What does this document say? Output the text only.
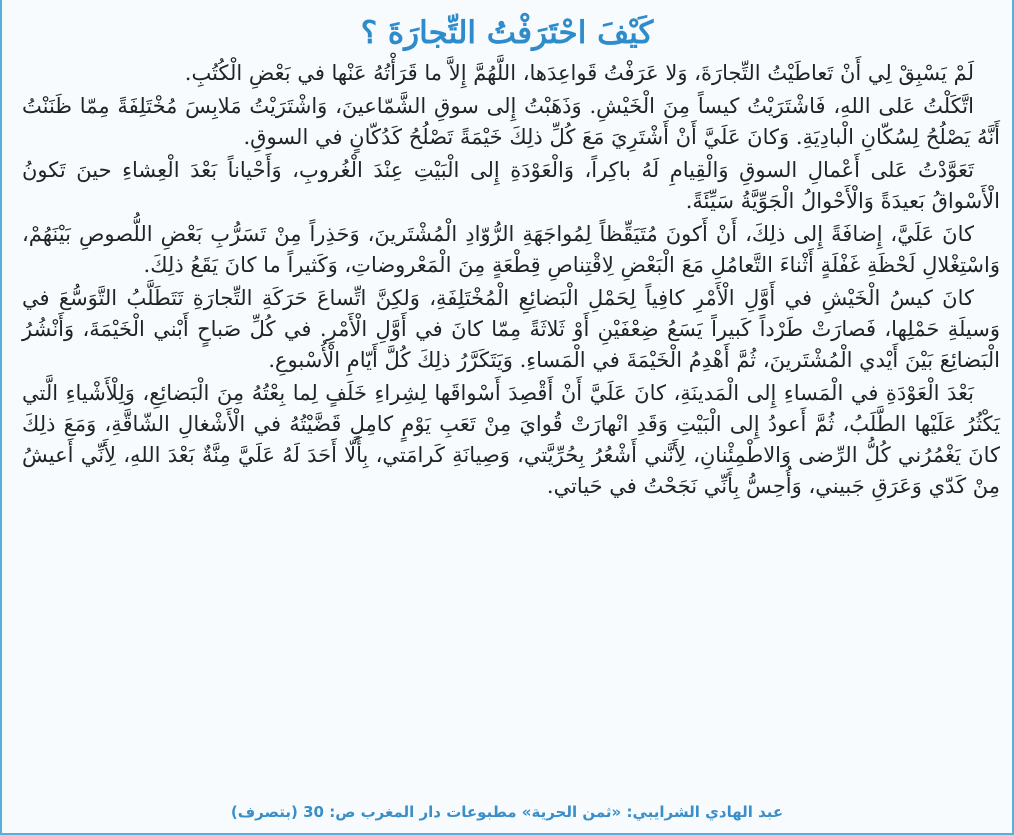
كَيْفَ احْتَرَفْتُ التِّجارَةَ ؟

لَمْ يَسْبِقْ لِي أَنْ تَعاطَيْتُ التِّجارَةَ، وَلا عَرَفْتُ قَواعِدَها، اللَّهُمَّ إِلاَّ ما قَرَأْتُهُ عَنْها في بَعْضِ الْكُتُبِ.

اتَّكَلْتُ عَلى اللهِ، فَاشْتَرَيْتُ كيساً مِنَ الْخَيْشِ. وَذَهَبْتُ إِلى سوقِ الشَّمّاعينَ، وَاشْتَرَيْتُ مَلابِسَ مُخْتَلِفَةً مِمّا ظَنَنْتُ أَنَّهُ يَصْلُحُ لِسُكّانِ الْبادِيَةِ. وَكانَ عَلَيَّ أَنْ أَشْتَرِيَ مَعَ كُلِّ ذلِكَ خَيْمَةً تَصْلُحُ كَدُكّانٍ في السوقِ.

تَعَوَّدْتُ عَلى أَعْمالِ السوقِ وَالْقِيامِ لَهُ باكِراً، وَالْعَوْدَةِ إِلى الْبَيْتِ عِنْدَ الْغُروبِ، وَأَحْياناً بَعْدَ الْعِشاءِ حينَ تَكونُ الْأَسْواقُ بَعيدَةً وَالْأَحْوالُ الْجَوِّيَّةُ سَيِّئَةً.

كانَ عَلَيَّ، إِضافَةً إِلى ذلِكَ، أَنْ أَكونَ مُتَيَقِّظاً لِمُواجَهَةِ الرُّوّادِ الْمُشْتَرينَ، وَحَذِراً مِنْ تَسَرُّبِ بَعْضِ اللُّصوصِ بَيْنَهُمْ، وَاسْتِغْلالِ لَحْظَةِ غَفْلَةٍ أَثْناءَ التَّعامُلِ مَعَ الْبَعْضِ لِاقْتِناصِ قِطْعَةٍ مِنَ الْمَعْروضاتِ، وَكَثيراً ما كانَ يَقَعُ ذلِكَ.

كانَ كيسُ الْخَيْشِ في أَوَّلِ الْأَمْرِ كافِياً لِحَمْلِ الْبَضائِعِ الْمُخْتَلِفَةِ، وَلكِنَّ اتِّساعَ حَرَكَةِ التِّجارَةِ تَتَطَلَّبُ التَّوَسُّعَ في وَسيلَةِ حَمْلِها، فَصارَتْ طَرْداً كَبيراً يَسَعُ ضِعْفَيْنِ أَوْ ثَلاثَةً مِمّا كانَ في أَوَّلِ الْأَمْرِ. في كُلِّ صَباحٍ أَبْني الْخَيْمَةَ، وَأَنْشُرُ الْبَضائِعَ بَيْنَ أَيْدي الْمُشْتَرينَ، ثُمَّ أَهْدِمُ الْخَيْمَةَ في الْمَساءِ. وَيَتَكَرَّرُ ذلِكَ كُلَّ أَيّامِ الْأُسْبوعِ.

بَعْدَ الْعَوْدَةِ في الْمَساءِ إِلى الْمَدينَةِ، كانَ عَلَيَّ أَنْ أَقْصِدَ أَسْواقَها لِشِراءِ خَلَفٍ لِما بِعْتُهُ مِنَ الْبَضائِعِ، وَلِلْأَشْياءِ الَّتي يَكْثُرُ عَلَيْها الطَّلَبُ، ثُمَّ أَعودُ إِلى الْبَيْتِ وَقَدِ انْهارَتْ قُوايَ مِنْ تَعَبِ يَوْمٍ كامِلٍ قَضَّيْتُهُ في الْأَشْغالِ الشّاقَّةِ، وَمَعَ ذلِكَ كانَ يَغْمُرُني كُلُّ الرِّضى وَالاطْمِئْنانِ، لِأَنَّني أَشْعُرُ بِحُرِّيَّتي، وَصِيانَةِ كَرامَتي، بِأَلّا أَحَدَ لَهُ عَلَيَّ مِنَّةٌ بَعْدَ اللهِ، لِأَنِّي أَعيشُ مِنْ كَدّي وَعَرَقِ جَبيني، وَأُحِسُّ بِأَنِّي نَجَحْتُ في حَياتي.

عبد الهادي الشرايبي: «ثمن الحرية» مطبوعات دار المغرب ص: 30 (بتصرف)
